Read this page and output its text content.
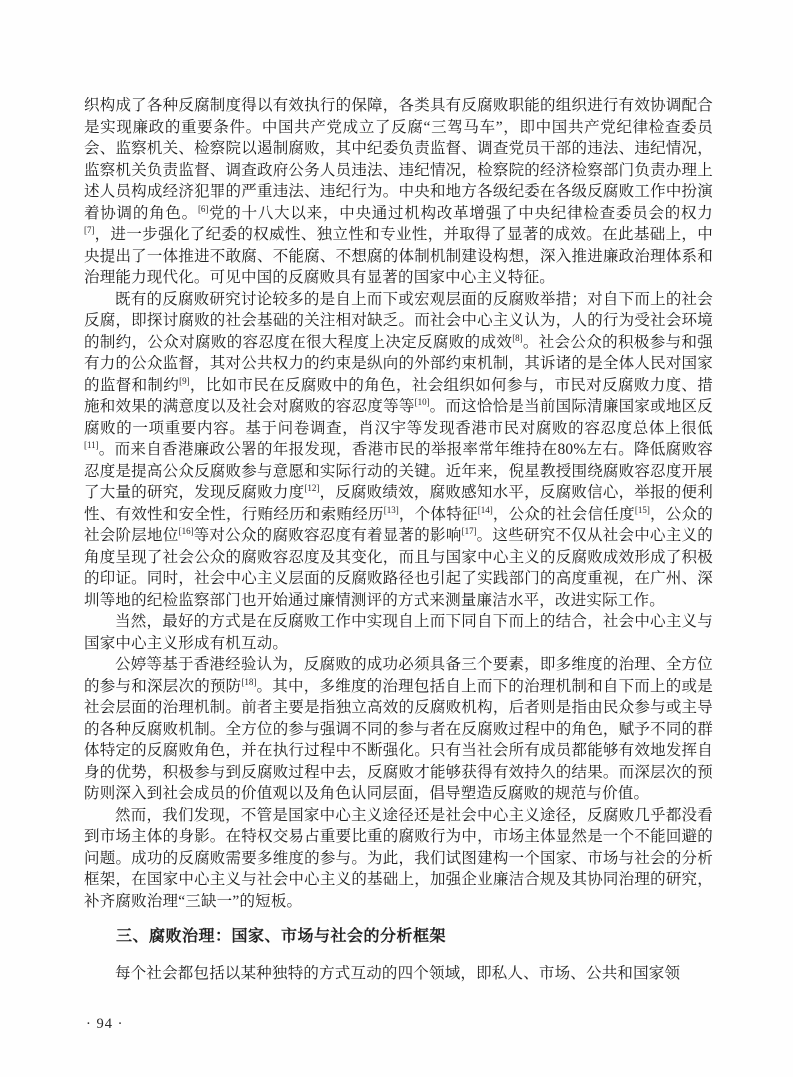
织构成了各种反腐制度得以有效执行的保障，各类具有反腐败职能的组织进行有效协调配合是实现廉政的重要条件。中国共产党成立了反腐“三驾马车”，即中国共产党纪律检查委员会、监察机关、检察院以遏制腐败，其中纪委负责监督、调查党员干部的违法、违纪情况，监察机关负责监督、调查政府公务人员违法、违纪情况，检察院的经济检察部门负责办理上述人员构成经济犯罪的严重违法、违纪行为。中央和地方各级纪委在各级反腐败工作中扮演着协调的角色。[6]党的十八大以来，中央通过机构改革增强了中央纪律检查委员会的权力[7]，进一步强化了纪委的权威性、独立性和专业性，并取得了显著的成效。在此基础上，中央提出了一体推进不敢腐、不能腐、不想腐的体制机制建设构想，深入推进廉政治理体系和治理能力现代化。可见中国的反腐败具有显著的国家中心主义特征。

既有的反腐败研究讨论较多的是自上而下或宏观层面的反腐败举措；对自下而上的社会反腐，即探讨腐败的社会基础的关注相对缺乏。而社会中心主义认为，人的行为受社会环境的制约，公众对腐败的容忍度在很大程度上决定反腐败的成效[8]。社会公众的积极参与和强有力的公众监督，其对公共权力的约束是纵向的外部约束机制，其诉诸的是全体人民对国家的监督和制约[9]，比如市民在反腐败中的角色，社会组织如何参与，市民对反腐败力度、措施和效果的满意度以及社会对腐败的容忍度等等[10]。而这恰恰是当前国际清廉国家或地区反腐败的一项重要内容。基于问卷调查，肖汉宇等发现香港市民对腐败的容忍度总体上很低[11]。而来自香港廉政公署的年报发现，香港市民的举报率常年维持在80%左右。降低腐败容忍度是提高公众反腐败参与意愿和实际行动的关键。近年来，倪星教授围绕腐败容忍度开展了大量的研究，发现反腐败力度[12]，反腐败绩效，腐败感知水平，反腐败信心，举报的便利性、有效性和安全性，行贿经历和索贿经历[13]，个体特征[14]，公众的社会信任度[15]，公众的社会阶层地位[16]等对公众的腐败容忍度有着显著的影响[17]。这些研究不仅从社会中心主义的角度呈现了社会公众的腐败容忍度及其变化，而且与国家中心主义的反腐败成效形成了积极的印证。同时，社会中心主义层面的反腐败路径也引起了实践部门的高度重视，在广州、深圳等地的纪检监察部门也开始通过廉情测评的方式来测量廉洁水平，改进实际工作。

当然，最好的方式是在反腐败工作中实现自上而下同自下而上的结合，社会中心主义与国家中心主义形成有机互动。

公婷等基于香港经验认为，反腐败的成功必须具备三个要素，即多维度的治理、全方位的参与和深层次的预防[18]。其中，多维度的治理包括自上而下的治理机制和自下而上的或是社会层面的治理机制。前者主要是指独立高效的反腐败机构，后者则是指由民众参与或主导的各种反腐败机制。全方位的参与强调不同的参与者在反腐败过程中的角色，赋予不同的群体特定的反腐败角色，并在执行过程中不断强化。只有当社会所有成员都能够有效地发挥自身的优势，积极参与到反腐败过程中去，反腐败才能够获得有效持久的结果。而深层次的预防则深入到社会成员的价值观以及角色认同层面，倡导塑造反腐败的规范与价值。

然而，我们发现，不管是国家中心主义途径还是社会中心主义途径，反腐败几乎都没看到市场主体的身影。在特权交易占重要比重的腐败行为中，市场主体显然是一个不能回避的问题。成功的反腐败需要多维度的参与。为此，我们试图建构一个国家、市场与社会的分析框架，在国家中心主义与社会中心主义的基础上，加强企业廉洁合规及其协同治理的研究，补齐腐败治理“三缺一”的短板。

三、腐败治理：国家、市场与社会的分析框架

每个社会都包括以某种独特的方式互动的四个领域，即私人、市场、公共和国家领

· 94 ·
